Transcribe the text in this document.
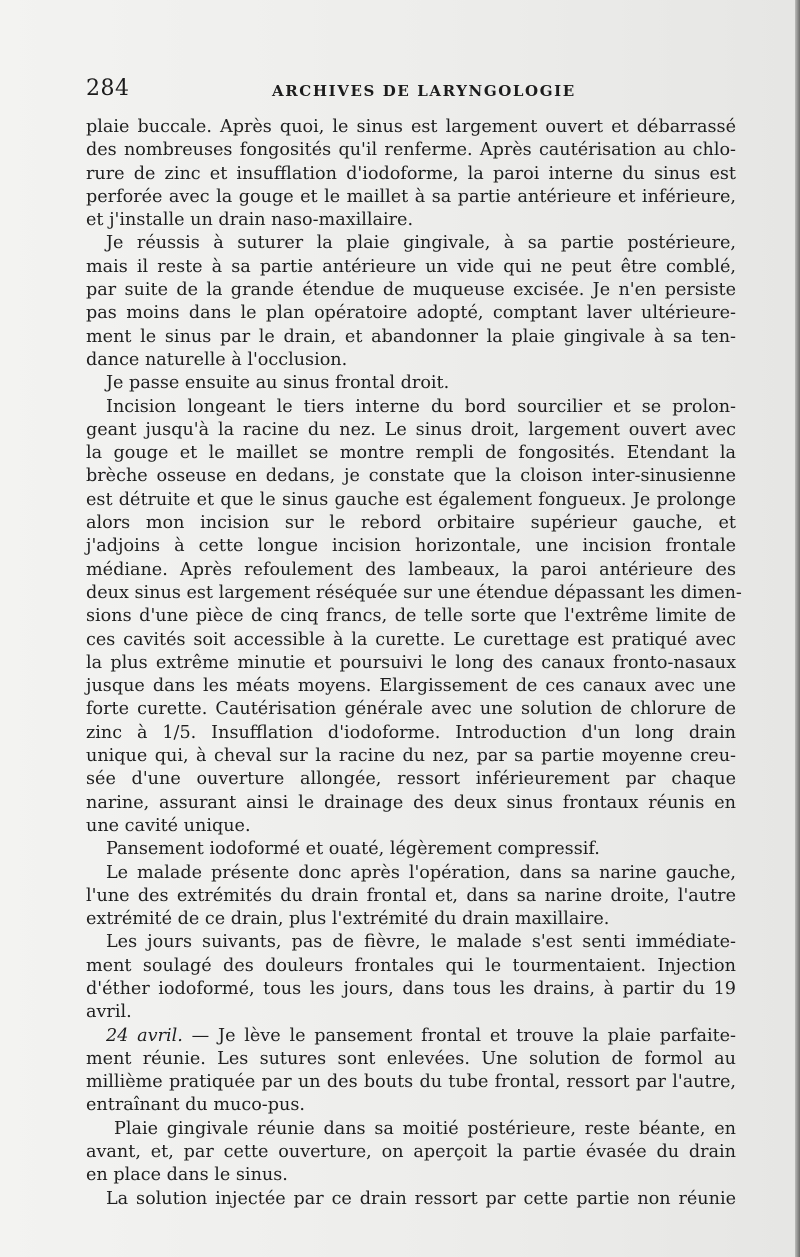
284	ARCHIVES DE LARYNGOLOGIE
plaie buccale. Après quoi, le sinus est largement ouvert et débarrassé
des nombreuses fongosités qu'il renferme. Après cautérisation au chlo-
rure de zinc et insufflation d'iodoforme, la paroi interne du sinus est
perforée avec la gouge et le maillet à sa partie antérieure et inférieure,
et j'installe un drain naso-maxillaire.
Je réussis à suturer la plaie gingivale, à sa partie postérieure,
mais il reste à sa partie antérieure un vide qui ne peut être comblé,
par suite de la grande étendue de muqueuse excisée. Je n'en persiste
pas moins dans le plan opératoire adopté, comptant laver ultérieure-
ment le sinus par le drain, et abandonner la plaie gingivale à sa ten-
dance naturelle à l'occlusion.
Je passe ensuite au sinus frontal droit.
Incision longeant le tiers interne du bord sourcilier et se prolon-
geant jusqu'à la racine du nez. Le sinus droit, largement ouvert avec
la gouge et le maillet se montre rempli de fongosités. Etendant la
brèche osseuse en dedans, je constate que la cloison inter-sinusienne
est détruite et que le sinus gauche est également fongueux. Je prolonge
alors mon incision sur le rebord orbitaire supérieur gauche, et
j'adjoins à cette longue incision horizontale, une incision frontale
médiane. Après refoulement des lambeaux, la paroi antérieure des
deux sinus est largement réséquée sur une étendue dépassant les dimen-
sions d'une pièce de cinq francs, de telle sorte que l'extrême limite de
ces cavités soit accessible à la curette. Le curettage est pratiqué avec
la plus extrême minutie et poursuivi le long des canaux fronto-nasaux
jusque dans les méats moyens. Elargissement de ces canaux avec une
forte curette. Cautérisation générale avec une solution de chlorure de
zinc à 1/5. Insufflation d'iodoforme. Introduction d'un long drain
unique qui, à cheval sur la racine du nez, par sa partie moyenne creu-
sée d'une ouverture allongée, ressort inférieurement par chaque
narine, assurant ainsi le drainage des deux sinus frontaux réunis en
une cavité unique.
Pansement iodoformé et ouaté, légèrement compressif.
Le malade présente donc après l'opération, dans sa narine gauche,
l'une des extrémités du drain frontal et, dans sa narine droite, l'autre
extrémité de ce drain, plus l'extrémité du drain maxillaire.
Les jours suivants, pas de fièvre, le malade s'est senti immédiate-
ment soulagé des douleurs frontales qui le tourmentaient. Injection
d'éther iodoformé, tous les jours, dans tous les drains, à partir du 19
avril.
24 avril. — Je lève le pansement frontal et trouve la plaie parfaite-
ment réunie. Les sutures sont enlevées. Une solution de formol au
millième pratiquée par un des bouts du tube frontal, ressort par l'autre,
entraînant du muco-pus.
Plaie gingivale réunie dans sa moitié postérieure, reste béante, en
avant, et, par cette ouverture, on aperçoit la partie évasée du drain
en place dans le sinus.
La solution injectée par ce drain ressort par cette partie non réunie
